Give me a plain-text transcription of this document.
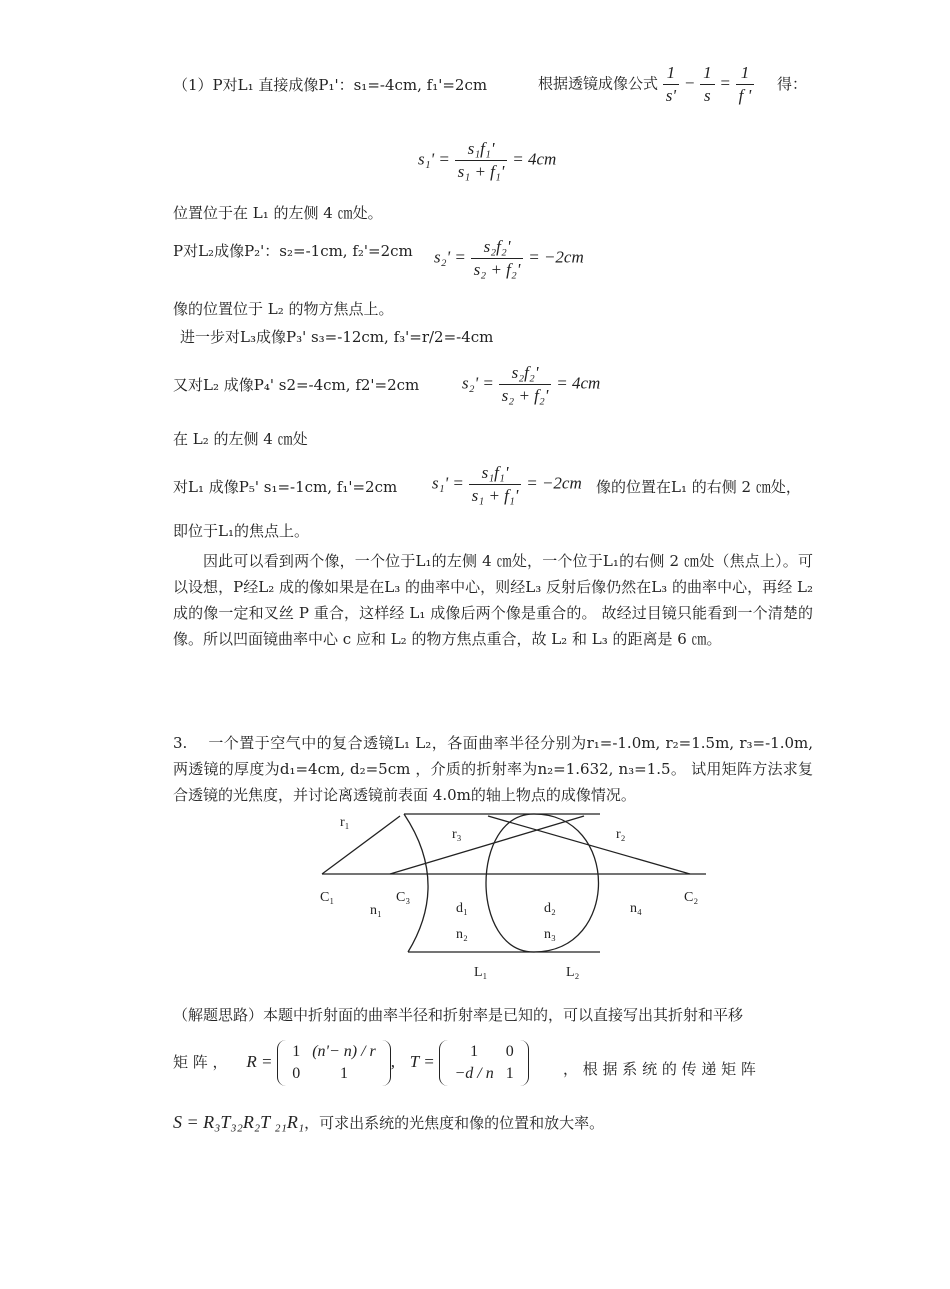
（1）P对L₁ 直接成像P₁'：s₁=-4cm, f₁'=2cm	根据透镜成像公式 $\frac{1}{s'} - \frac{1}{s} = \frac{1}{f '}$ 得：
$s_1' = \frac{\text{s₁f₁'}}{\text{s₁ + f₁'}} = 4cm$
位置位于在 L₁ 的左侧 4 ㎝处。
P对L₂成像P₂'：s₂=-1cm, f₂'=2cm $s_2' = \frac{\text{s₂f₂'}}{\text{s₂ + f₂'}} = -2cm$
像的位置位于 L₂ 的物方焦点上。
进一步对L₃成像P₃' s₃=-12cm, f₃'=r/2=-4cm
又对L₂ 成像P₄' s2=-4cm, f2'=2cm	$s_2' = \frac{\text{s₂f₂'}}{\text{s₂ + f₂'}} = 4cm$
在 L₂ 的左侧 4 ㎝处
对L₁ 成像P₅' s₁=-1cm, f₁'=2cm $s_1' = \frac{\text{s₁f₁'}}{\text{s₁ + f₁'}} = -2cm$ 像的位置在L₁ 的右侧 2 ㎝处，
即位于L₁的焦点上。
因此可以看到两个像，一个位于L₁的左侧 4 ㎝处，一个位于L₁的右侧 2 ㎝处（焦点上）。可以设想，P经L₂ 成的像如果是在L₃ 的曲率中心，则经L₃ 反射后像仍然在L₃ 的曲率中心，再经 L₂ 成的像一定和叉丝 P 重合，这样经 L₁ 成像后两个像是重合的。 故经过目镜只能看到一个清楚的像。所以凹面镜曲率中心 c 应和 L₂ 的物方焦点重合，故 L₂ 和 L₃ 的距离是 6 ㎝。
3. 一个置于空气中的复合透镜L₁ L₂，各面曲率半径分别为r₁=-1.0m, r₂=1.5m, r₃=-1.0m, 两透镜的厚度为d₁=4cm, d₂=5cm ，介质的折射率为n₂=1.632, n₃=1.5。 试用矩阵方法求复合透镜的光焦度，并讨论离透镜前表面 4.0m的轴上物点的成像情况。
r₁
r₃	r₂
C₁	C₃	C₂
n₁	d₁	d₂	n₄
n₂	n₃
L₁	L₂
（解题思路）本题中折射面的曲率半径和折射率是已知的，可以直接写出其折射和平移
矩 阵 ， R =
1	(n'− n) / r
0	1
, T =
1	0
−d / n	1	， 根 据 系 统 的 传 递 矩 阵
S = R₃T₃₂R₂T ₂₁R₁，可求出系统的光焦度和像的位置和放大率。
